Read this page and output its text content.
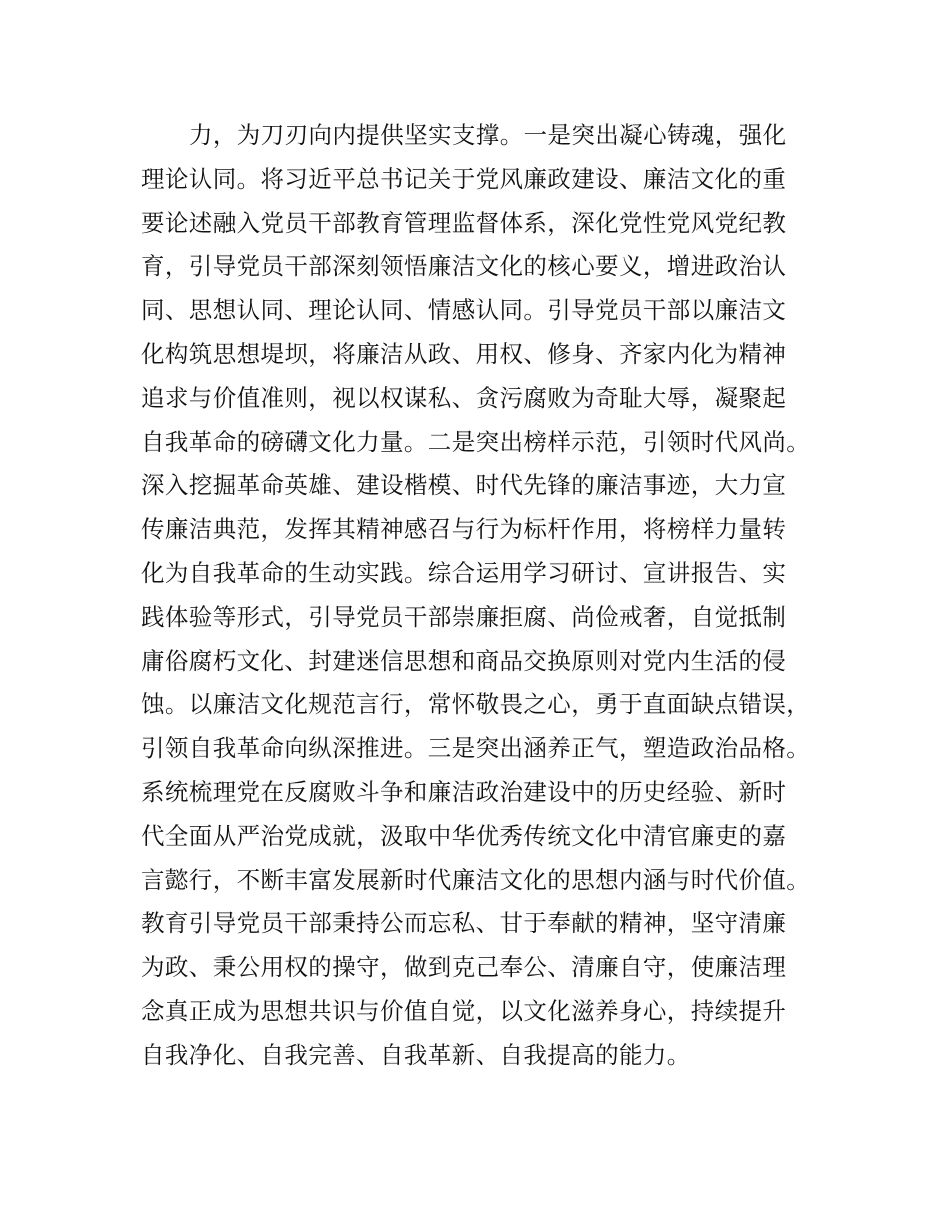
力，为刀刃向内提供坚实支撑。一是突出凝心铸魂，强化
理论认同。将习近平总书记关于党风廉政建设、廉洁文化的重
要论述融入党员干部教育管理监督体系，深化党性党风党纪教
育，引导党员干部深刻领悟廉洁文化的核心要义，增进政治认
同、思想认同、理论认同、情感认同。引导党员干部以廉洁文
化构筑思想堤坝，将廉洁从政、用权、修身、齐家内化为精神
追求与价值准则，视以权谋私、贪污腐败为奇耻大辱，凝聚起
自我革命的磅礴文化力量。二是突出榜样示范，引领时代风尚。
深入挖掘革命英雄、建设楷模、时代先锋的廉洁事迹，大力宣
传廉洁典范，发挥其精神感召与行为标杆作用，将榜样力量转
化为自我革命的生动实践。综合运用学习研讨、宣讲报告、实
践体验等形式，引导党员干部崇廉拒腐、尚俭戒奢，自觉抵制
庸俗腐朽文化、封建迷信思想和商品交换原则对党内生活的侵
蚀。以廉洁文化规范言行，常怀敬畏之心，勇于直面缺点错误，
引领自我革命向纵深推进。三是突出涵养正气，塑造政治品格。
系统梳理党在反腐败斗争和廉洁政治建设中的历史经验、新时
代全面从严治党成就，汲取中华优秀传统文化中清官廉吏的嘉
言懿行，不断丰富发展新时代廉洁文化的思想内涵与时代价值。
教育引导党员干部秉持公而忘私、甘于奉献的精神，坚守清廉
为政、秉公用权的操守，做到克己奉公、清廉自守，使廉洁理
念真正成为思想共识与价值自觉，以文化滋养身心，持续提升
自我净化、自我完善、自我革新、自我提高的能力。
